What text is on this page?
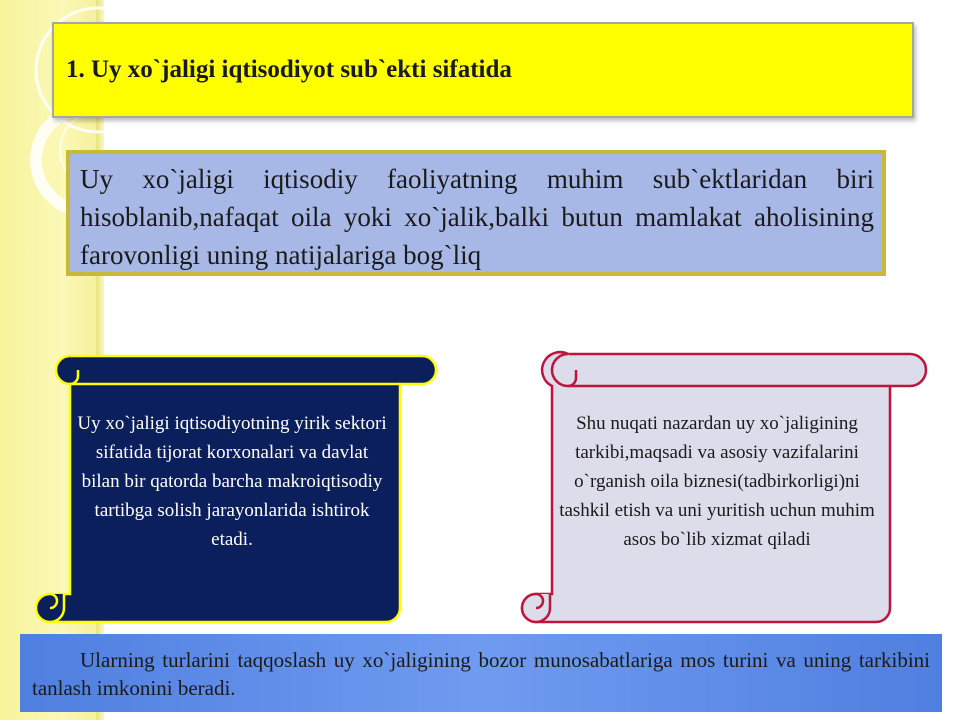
1. Uy xo`jaligi iqtisodiyot sub`ekti sifatida

Uy xo`jaligi iqtisodiy faoliyatning muhim sub`ektlaridan biri hisoblanib,nafaqat oila yoki xo`jalik,balki butun mamlakat aholisining farovonligi uning natijalariga bog`liq

Uy xo`jaligi iqtisodiyotning yirik sektori sifatida tijorat korxonalari va davlat bilan bir qatorda barcha makroiqtisodiy tartibga solish jarayonlarida ishtirok etadi.
Shu nuqati nazardan uy xo`jaligining tarkibi,maqsadi va asosiy vazifalarini o`rganish oila biznesi(tadbirkorligi)ni tashkil etish va uni yuritish uchun muhim asos bo`lib xizmat qiladi

Ularning turlarini taqqoslash uy xo`jaligining bozor munosabatlariga mos turini va uning tarkibini tanlash imkonini beradi.
